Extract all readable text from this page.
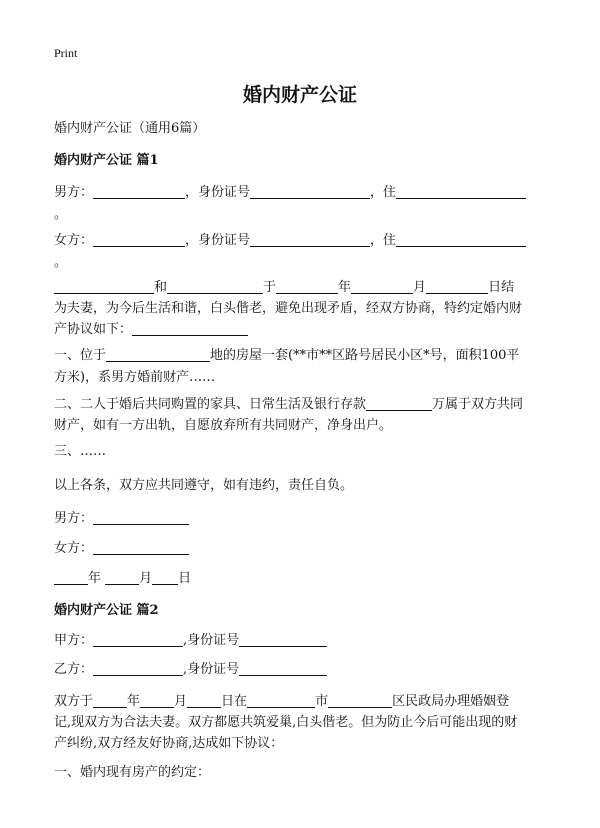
Print
婚内财产公证
婚内财产公证（通用6篇）
婚内财产公证 篇1
男方：	，身份证号	，住
。
女方：	，身份证号	，住
。
和	于	年	月	日结
为夫妻，为今后生活和谐，白头偕老，避免出现矛盾，经双方协商，特约定婚内财
产协议如下：
一、位于	地的房屋一套(**市**区路号居民小区*号，面积100平
方米)，系男方婚前财产……
二、二人于婚后共同购置的家具、日常生活及银行存款	万属于双方共同
财产，如有一方出轨，自愿放弃所有共同财产，净身出户。
三、……
以上各条，双方应共同遵守，如有违约，责任自负。
男方：
女方：
年	月 日
婚内财产公证 篇2
甲方：	,身份证号
乙方：	,身份证号
双方于	年	月	日在	市	区民政局办理婚姻登
记,现双方为合法夫妻。双方都愿共筑爱巢,白头偕老。但为防止今后可能出现的财
产纠纷,双方经友好协商,达成如下协议：
一、婚内现有房产的约定：
